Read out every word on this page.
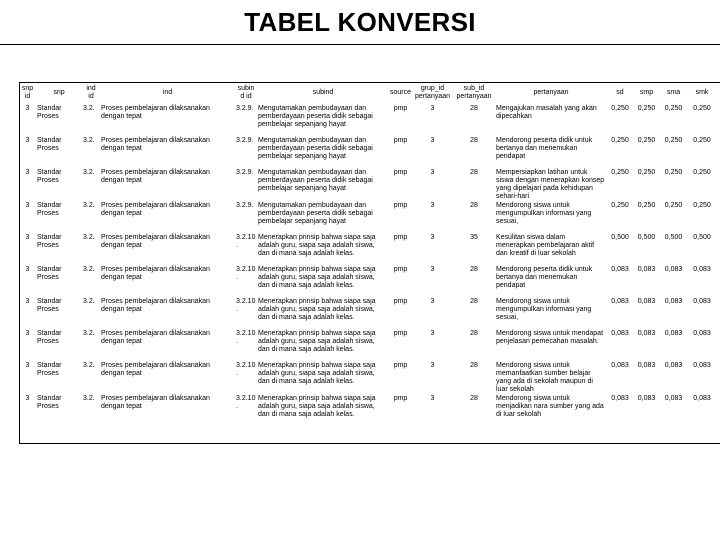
TABEL KONVERSI
snp id	snp	ind id	ind	subind id	subind	source	grup_id pertanyaan	sub_id pertanyaan	pertanyaan	sd	smp	sma	smk
3	Standar Proses	3.2.	Proses pembelajaran dilaksanakan dengan tepat	3.2.9.	Mengutamakan pembudayaan dan pemberdayaan peserta didik sebagai pembelajar sepanjang hayat	pmp	3	28	Mengajukan masalah yang akan dipecahkan	0,250	0,250	0,250	0,250
3	Standar Proses	3.2.	Proses pembelajaran dilaksanakan dengan tepat	3.2.9.	Mengutamakan pembudayaan dan pemberdayaan peserta didik sebagai pembelajar sepanjang hayat	pmp	3	28	Mendorong peserta didik untuk bertanya dan menemukan pendapat	0,250	0,250	0,250	0,250
3	Standar Proses	3.2.	Proses pembelajaran dilaksanakan dengan tepat	3.2.9.	Mengutamakan pembudayaan dan pemberdayaan peserta didik sebagai pembelajar sepanjang hayat	pmp	3	28	Mempersiapkan latihan untuk siswa dengan menerapkan konsep yang dipelajari pada kehidupan sehari-hari	0,250	0,250	0,250	0,250
3	Standar Proses	3.2.	Proses pembelajaran dilaksanakan dengan tepat	3.2.9.	Mengutamakan pembudayaan dan pemberdayaan peserta didik sebagai pembelajar sepanjang hayat	pmp	3	28	Mendorong siswa untuk mengumpulkan informasi yang sesuai,	0,250	0,250	0,250	0,250
3	Standar Proses	3.2.	Proses pembelajaran dilaksanakan dengan tepat	3.2.10.	Menerapkan prinsip bahwa siapa saja adalah guru, siapa saja adalah siswa, dan di mana saja adalah kelas.	pmp	3	35	Kesulitan siswa dalam menerapkan pembelajaran aktif dan kreatif di luar sekolah	0,500	0,500	0,500	0,500
3	Standar Proses	3.2.	Proses pembelajaran dilaksanakan dengan tepat	3.2.10.	Menerapkan prinsip bahwa siapa saja adalah guru, siapa saja adalah siswa, dan di mana saja adalah kelas.	pmp	3	28	Mendorong peserta didik untuk bertanya dan menemukan pendapat	0,083	0,083	0,083	0,083
3	Standar Proses	3.2.	Proses pembelajaran dilaksanakan dengan tepat	3.2.10.	Menerapkan prinsip bahwa siapa saja adalah guru, siapa saja adalah siswa, dan di mana saja adalah kelas.	pmp	3	28	Mendorong siswa untuk mengumpulkan informasi yang sesuai,	0,083	0,083	0,083	0,083
3	Standar Proses	3.2.	Proses pembelajaran dilaksanakan dengan tepat	3.2.10.	Menerapkan prinsip bahwa siapa saja adalah guru, siapa saja adalah siswa, dan di mana saja adalah kelas.	pmp	3	28	Mendorong siswa untuk mendapat penjelasan pemecahan masalah.	0,083	0,083	0,083	0,083
3	Standar Proses	3.2.	Proses pembelajaran dilaksanakan dengan tepat	3.2.10.	Menerapkan prinsip bahwa siapa saja adalah guru, siapa saja adalah siswa, dan di mana saja adalah kelas.	pmp	3	28	Mendorong siswa untuk memanfaatkan sumber belajar yang ada di sekolah maupun di luar sekolah	0,083	0,083	0,083	0,083
3	Standar Proses	3.2.	Proses pembelajaran dilaksanakan dengan tepat	3.2.10.	Menerapkan prinsip bahwa siapa saja adalah guru, siapa saja adalah siswa, dan di mana saja adalah kelas.	pmp	3	28	Mendorong siswa untuk menjadikan nara sumber yang ada di luar sekolah	0,083	0,083	0,083	0,083
